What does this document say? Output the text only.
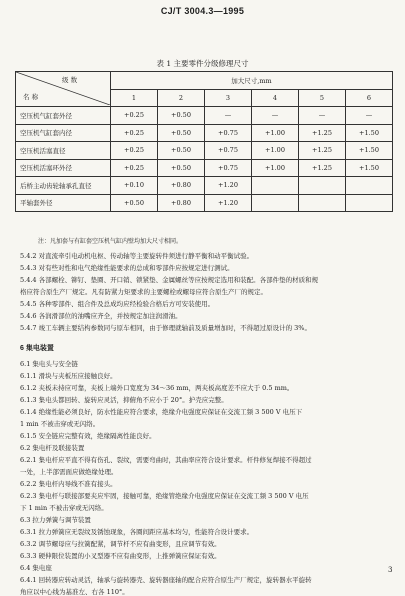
CJ/T 3004.3—1995
表 1 主要零件分级修理尺寸
级 数
名 称	加大尺寸,mm					
	1	2	3	4	5	6
空压机气缸套外径	+0.25	+0.50	—	—	—	—
空压机气缸套内径	+0.25	+0.50	+0.75	+1.00	+1.25	+1.50
空压机活塞直径	+0.25	+0.50	+0.75	+1.00	+1.25	+1.50
空压机活塞环外径	+0.25	+0.50	+0.75	+1.00	+1.25	+1.50
后桥主动齿轮轴承孔直径	+0.10	+0.80	+1.20			
平轴套外径	+0.50	+0.80	+1.20			
注：凡加套与有缸套空压机气缸内壁均加大尺寸相同。
5.4.2 对直流牵引电动机电枢、传动轴等主要旋转件须进行静平衡和动平衡试验。
5.4.3 对有些对性和电气绝缘性能要求的总成和零部件应按规定进行测试。
5.4.4 各部螺栓、铆钉、垫圈、开口销、锁紧垫、金属螺丝等应按规定选用和装配。各部件垫的材质和规
格应符合原生产厂规定。凡有防紧力矩要求的主要螺栓或螺母应符合原生产厂的规定。
5.4.5 各种零部件、组合件及总成均应经检验合格后方可安装使用。
5.4.6 各润滑部位的油嘴应齐全，并按规定加注润滑油。
5.4.7 竣工车辆主要结构参数同与原车相同，由于修理就轴前及质量增加时，不得超过原设计的 3%。
6 集电装置
6.1 集电头与安全链
6.1.1 滑块与夹板压应接触良好。
6.1.2 夹板未持应可靠，夹板上端外口宽度为 34～36 mm，两夹板高度差不应大于 0.5 mm。
6.1.3 集电头都回转、旋转应灵活，抑俯角不应小于 20°。护壳应完整。
6.1.4 绝缘性能必须良好，防水性能应符合要求，绝缘介电强度应保证在交流工频 3 500 V 电压下
1 min 不被击穿或无闪络。
6.1.5 安全链应完整有效，绝缘隔离性能良好。
6.2 集电杆及联接装置
6.2.1 集电杆应平直不得有伤孔、裂纹，需要弯曲时，其曲率应符合设计要求。杆件修复焊接不得超过
一处，上半部需面应做绝缘处理。
6.2.2 集电杆内导线不准有接头。
6.2.3 集电杆与联接部要夹应牢固，接触可靠，绝缘管绝缘介电强度应保证在交流工频 3 500 V 电压
下 1 min 不被击穿或无闪络。
6.3 拉力弹簧与调节装置
6.3.1 拉力弹簧应无裂纹及锈蚀现象，各圈间距应基本均匀，性能符合设计要求。
6.3.2 调节螺母应与拉簧配紧，调节杆不应有曲变形，且应调节有效。
6.3.3 硬伸限位装置的小叉型器不应有曲变形，上推弹簧应保证有效。
6.4 集电座
6.4.1 回转器应转动灵活，轴承与旋转器壳、旋转器座轴的配合应符合原生产厂规定，旋转器水平旋转
角应以中心线为基准左、右各 110°。
3
